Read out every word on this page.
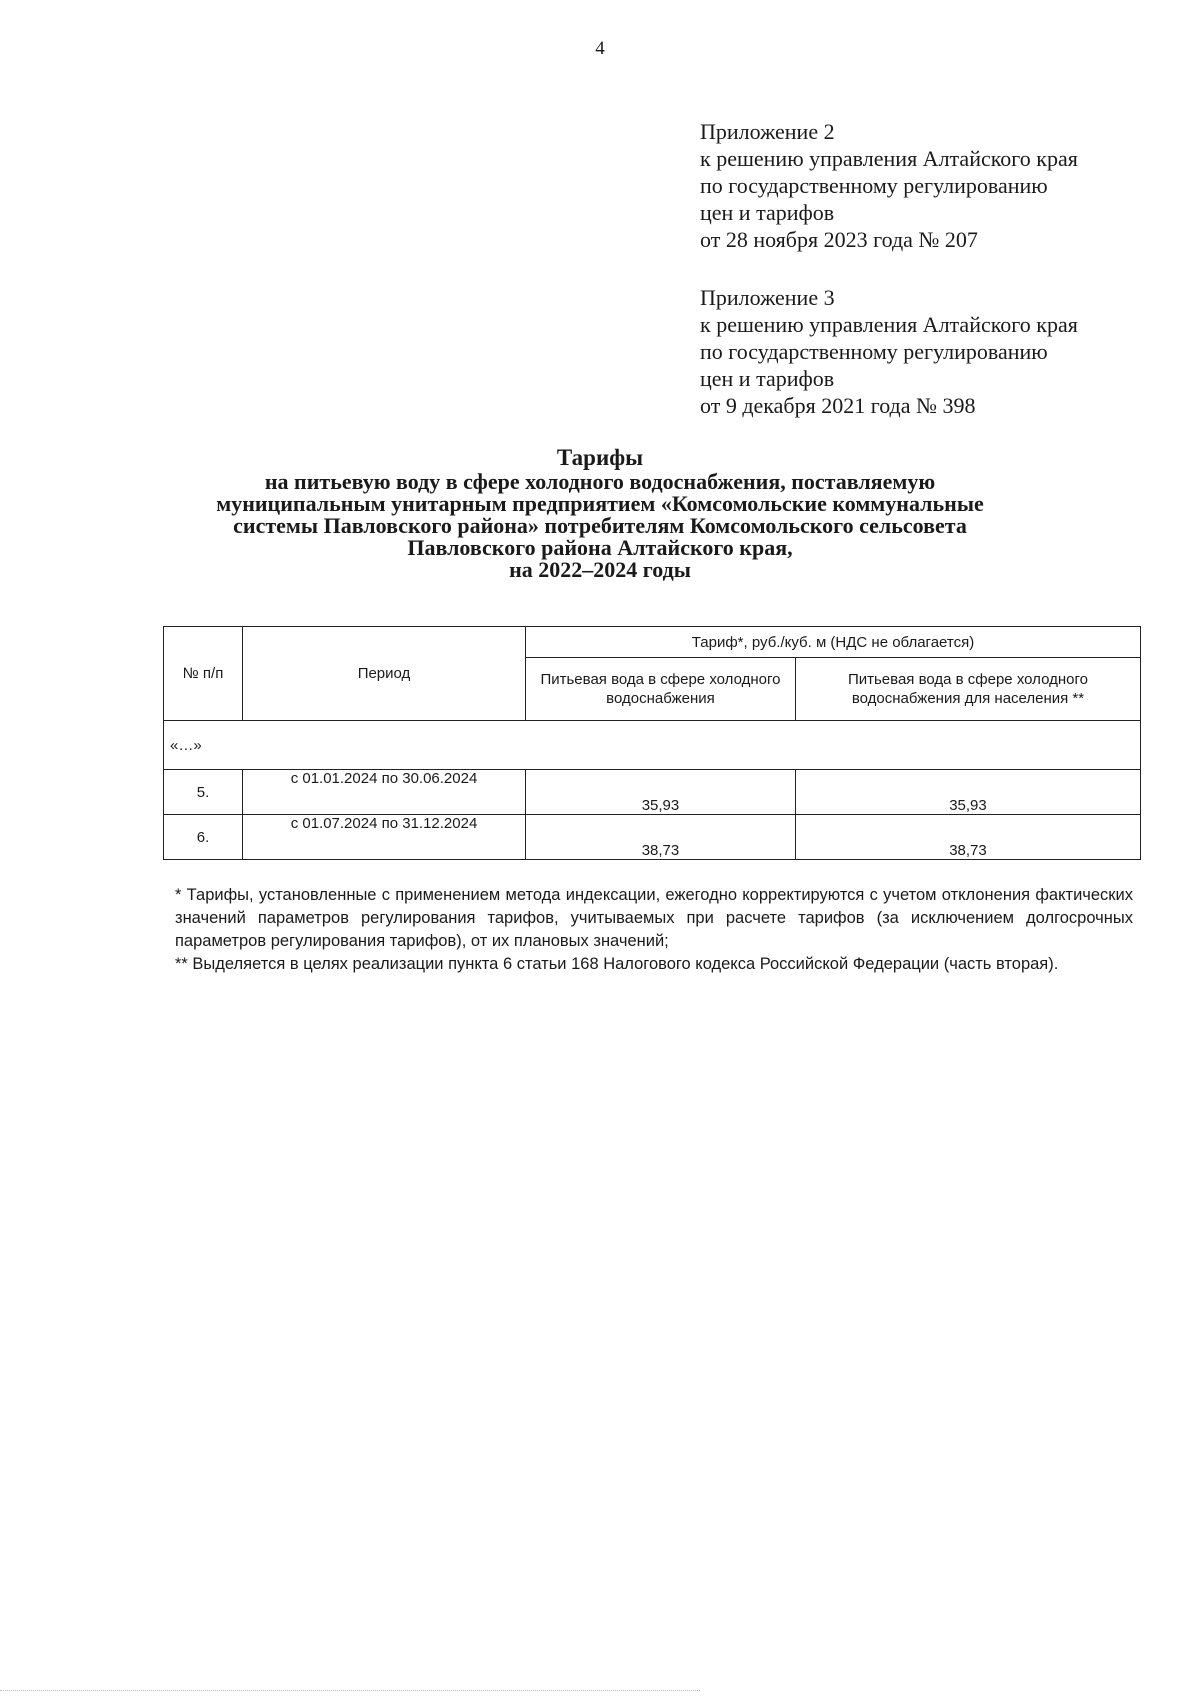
4
Приложение 2
к решению управления Алтайского края
по государственному регулированию
цен и тарифов
от 28 ноября 2023 года № 207
Приложение 3
к решению управления Алтайского края
по государственному регулированию
цен и тарифов
от 9 декабря 2021 года № 398
Тарифы
на питьевую воду в сфере холодного водоснабжения, поставляемую
муниципальным унитарным предприятием «Комсомольские коммунальные
системы Павловского района» потребителям Комсомольского сельсовета
Павловского района Алтайского края,
на 2022–2024 годы
№ п/п	Период	Тариф*, руб./куб. м (НДС не облагается)	
		Питьевая вода в сфере холодного водоснабжения	Питьевая вода в сфере холодного водоснабжения для населения **
«…»			
5.	с 01.01.2024 по 30.06.2024	35,93	35,93
6.	с 01.07.2024 по 31.12.2024	38,73	38,73

* Тарифы, установленные с применением метода индексации, ежегодно корректируются с учетом отклонения фактических значений параметров регулирования тарифов, учитываемых при расчете тарифов (за исключением долгосрочных параметров регулирования тарифов), от их плановых значений;

** Выделяется в целях реализации пункта 6 статьи 168 Налогового кодекса Российской Федерации (часть вторая).
